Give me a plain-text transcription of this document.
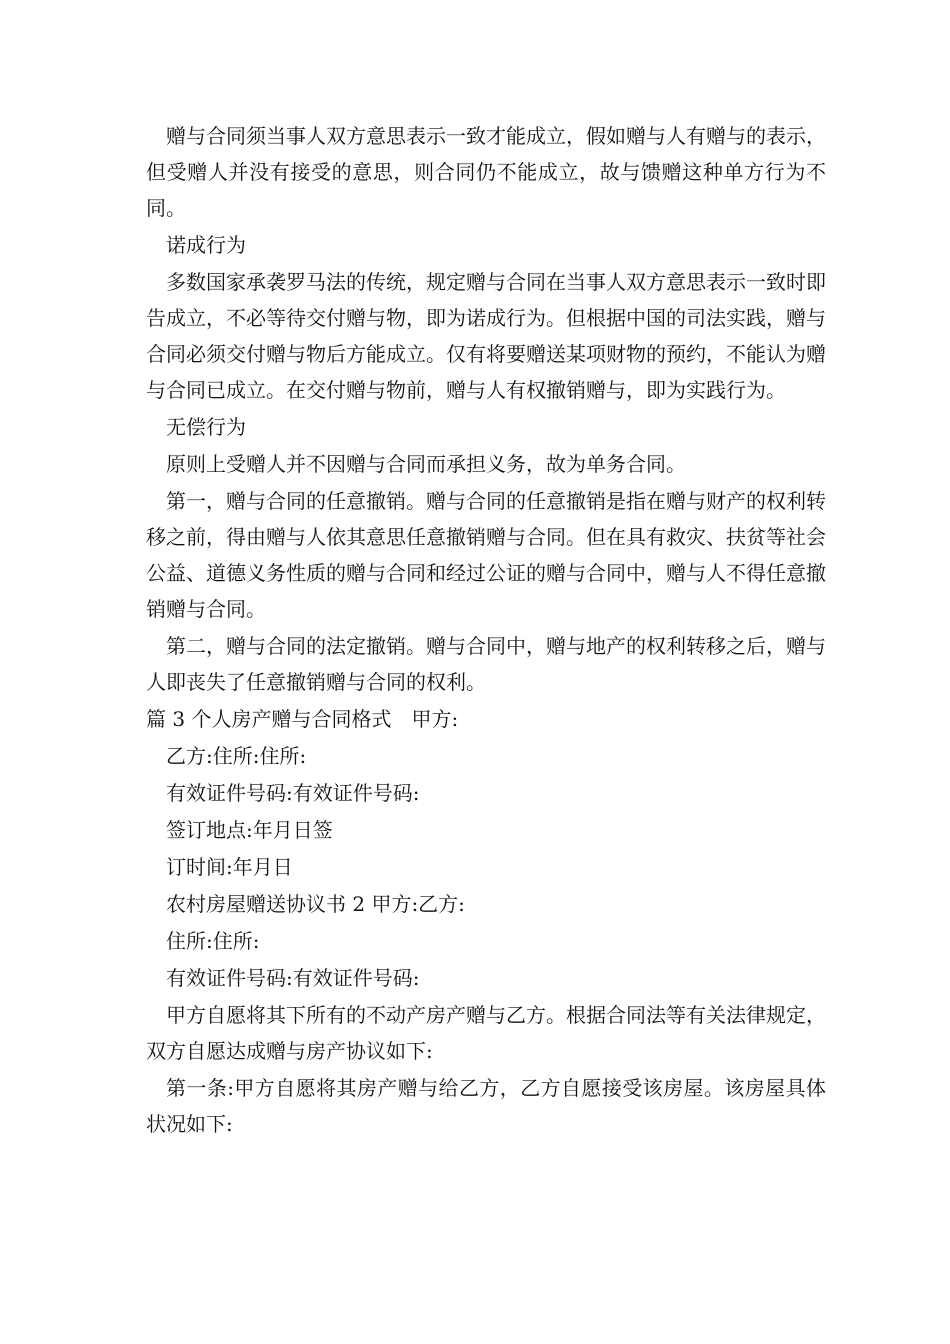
赠与合同须当事人双方意思表示一致才能成立，假如赠与人有赠与的表示，但受赠人并没有接受的意思，则合同仍不能成立，故与馈赠这种单方行为不同。

诺成行为

多数国家承袭罗马法的传统，规定赠与合同在当事人双方意思表示一致时即告成立，不必等待交付赠与物，即为诺成行为。但根据中国的司法实践，赠与合同必须交付赠与物后方能成立。仅有将要赠送某项财物的预约，不能认为赠与合同已成立。在交付赠与物前，赠与人有权撤销赠与，即为实践行为。

无偿行为

原则上受赠人并不因赠与合同而承担义务，故为单务合同。

第一，赠与合同的任意撤销。赠与合同的任意撤销是指在赠与财产的权利转移之前，得由赠与人依其意思任意撤销赠与合同。但在具有救灾、扶贫等社会公益、道德义务性质的赠与合同和经过公证的赠与合同中，赠与人不得任意撤销赠与合同。

第二，赠与合同的法定撤销。赠与合同中，赠与地产的权利转移之后，赠与人即丧失了任意撤销赠与合同的权利。

篇 3 个人房产赠与合同格式　甲方:

乙方:住所:住所:

有效证件号码:有效证件号码:

签订地点:年月日签

订时间:年月日

农村房屋赠送协议书 2 甲方:乙方:

住所:住所:

有效证件号码:有效证件号码:

甲方自愿将其下所有的不动产房产赠与乙方。根据合同法等有关法律规定，双方自愿达成赠与房产协议如下:

第一条:甲方自愿将其房产赠与给乙方，乙方自愿接受该房屋。该房屋具体状况如下:
